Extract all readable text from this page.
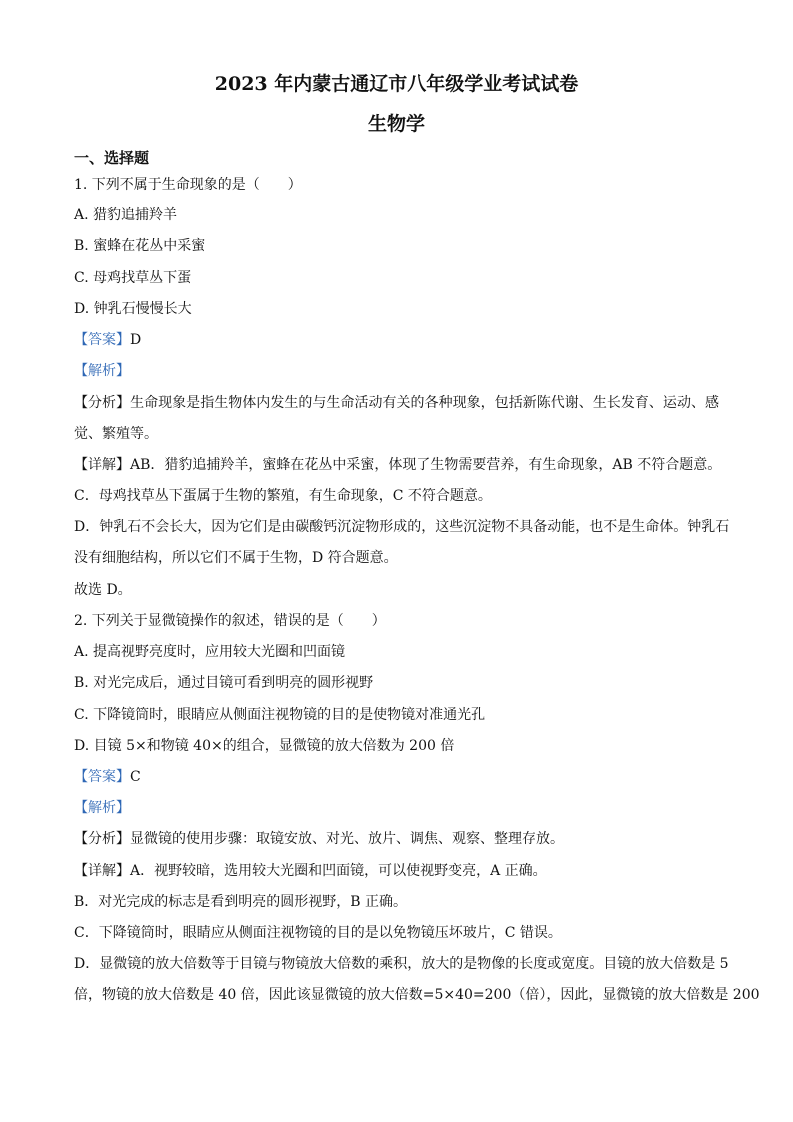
2023 年内蒙古通辽市八年级学业考试试卷
生物学
一、选择题
1. 下列不属于生命现象的是（　　）
A. 猎豹追捕羚羊
B. 蜜蜂在花丛中采蜜
C. 母鸡找草丛下蛋
D. 钟乳石慢慢长大
【答案】D
【解析】
【分析】生命现象是指生物体内发生的与生命活动有关的各种现象，包括新陈代谢、生长发育、运动、感
觉、繁殖等。
【详解】AB．猎豹追捕羚羊，蜜蜂在花丛中采蜜，体现了生物需要营养，有生命现象，AB 不符合题意。
C．母鸡找草丛下蛋属于生物的繁殖，有生命现象，C 不符合题意。
D．钟乳石不会长大，因为它们是由碳酸钙沉淀物形成的，这些沉淀物不具备动能，也不是生命体。钟乳石
没有细胞结构，所以它们不属于生物，D 符合题意。
故选 D。
2. 下列关于显微镜操作的叙述，错误的是（　　）
A. 提高视野亮度时，应用较大光圈和凹面镜
B. 对光完成后，通过目镜可看到明亮的圆形视野
C. 下降镜筒时，眼睛应从侧面注视物镜的目的是使物镜对准通光孔
D. 目镜 5×和物镜 40×的组合，显微镜的放大倍数为 200 倍
【答案】C
【解析】
【分析】显微镜的使用步骤：取镜安放、对光、放片、调焦、观察、整理存放。
【详解】A．视野较暗，选用较大光圈和凹面镜，可以使视野变亮，A 正确。
B．对光完成的标志是看到明亮的圆形视野，B 正确。
C．下降镜筒时，眼睛应从侧面注视物镜的目的是以免物镜压坏玻片，C 错误。
D．显微镜的放大倍数等于目镜与物镜放大倍数的乘积，放大的是物像的长度或宽度。目镜的放大倍数是 5
倍，物镜的放大倍数是 40 倍，因此该显微镜的放大倍数=5×40=200（倍），因此，显微镜的放大倍数是 200
